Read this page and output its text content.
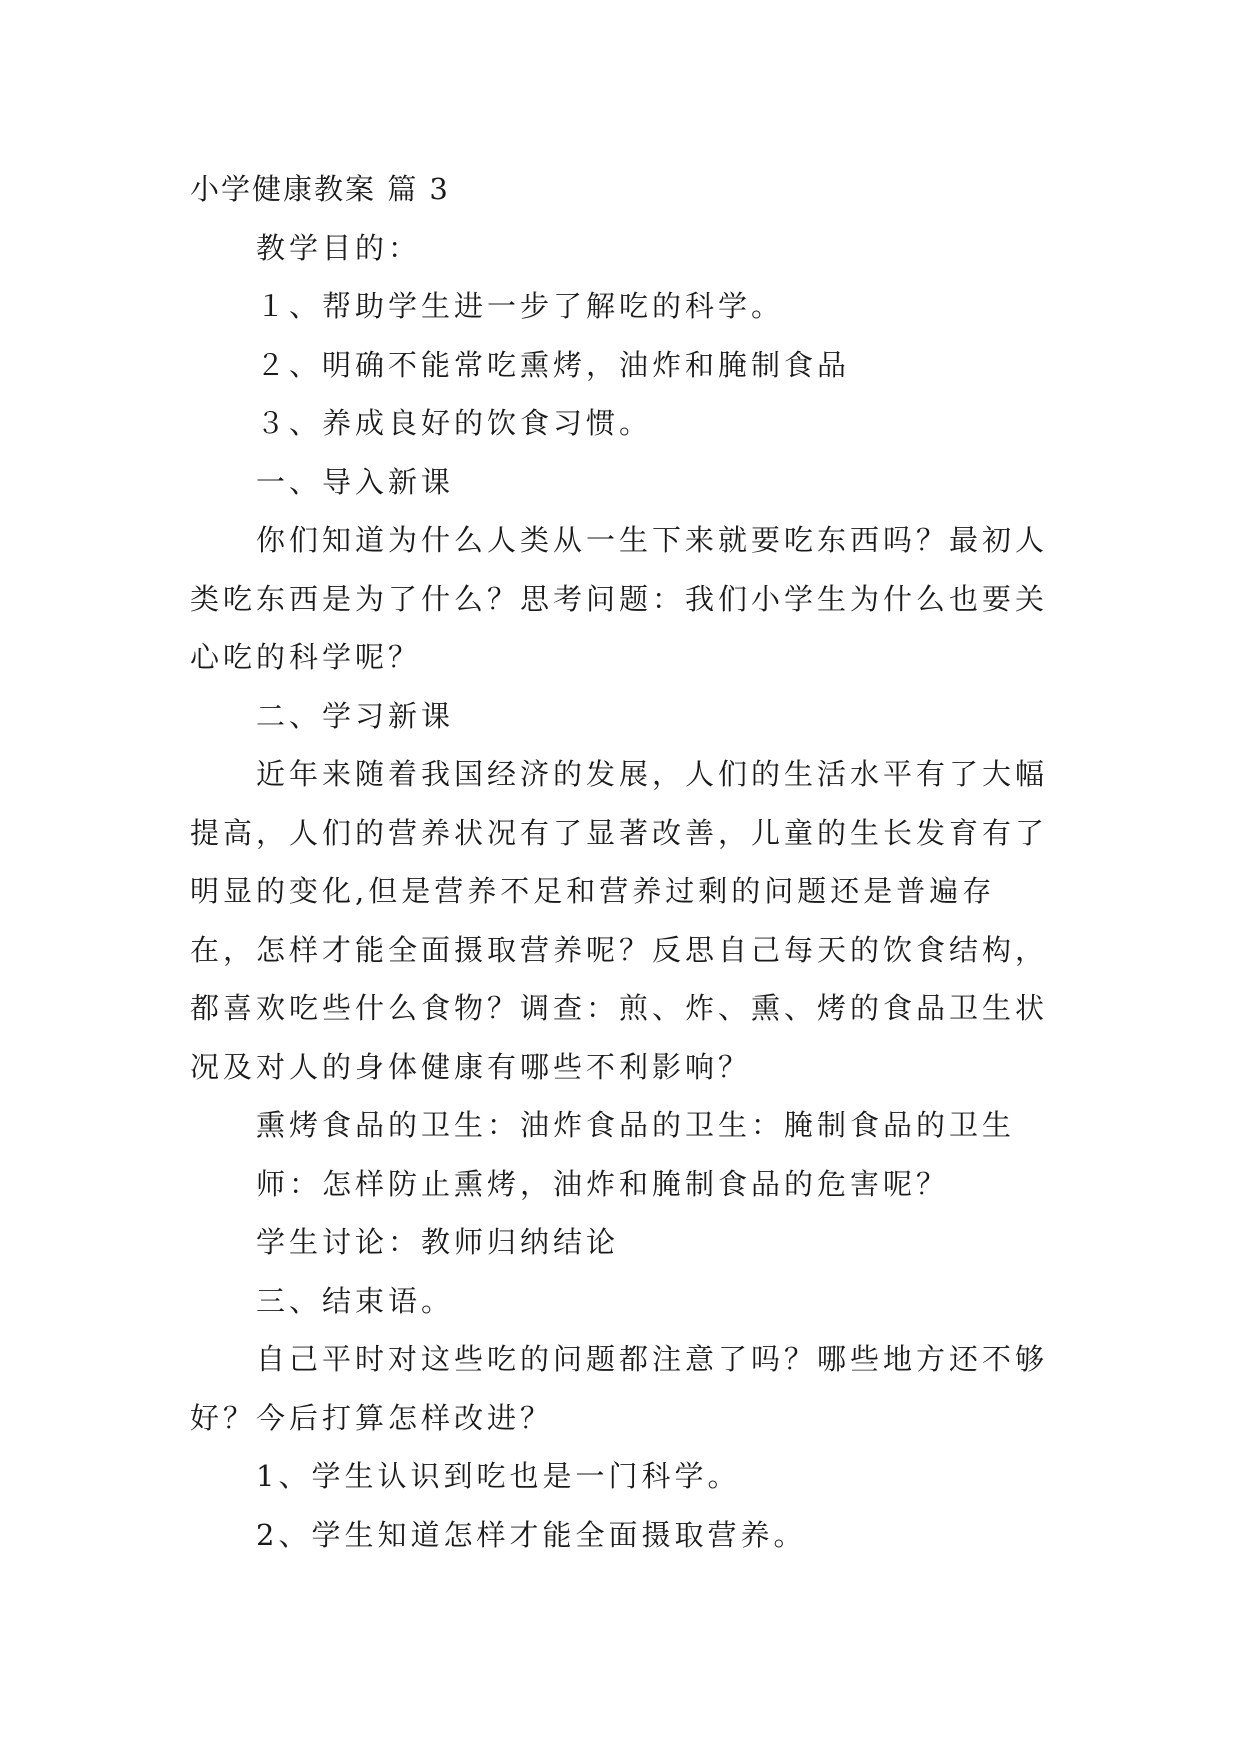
小学健康教案 篇 3

教学目的：

１、帮助学生进一步了解吃的科学。

２、明确不能常吃熏烤，油炸和腌制食品

３、养成良好的饮食习惯。

一、导入新课

你们知道为什么人类从一生下来就要吃东西吗？最初人类吃东西是为了什么？思考问题：我们小学生为什么也要关心吃的科学呢？

二、学习新课

近年来随着我国经济的发展，人们的生活水平有了大幅提高，人们的营养状况有了显著改善，儿童的生长发育有了明显的变化,但是营养不足和营养过剩的问题还是普遍存在，怎样才能全面摄取营养呢？反思自己每天的饮食结构，都喜欢吃些什么食物？调查：煎、炸、熏、烤的食品卫生状况及对人的身体健康有哪些不利影响？

熏烤食品的卫生：油炸食品的卫生：腌制食品的卫生

师：怎样防止熏烤，油炸和腌制食品的危害呢？

学生讨论：教师归纳结论

三、结束语。

自己平时对这些吃的问题都注意了吗？哪些地方还不够好？今后打算怎样改进？

1、学生认识到吃也是一门科学。

2、学生知道怎样才能全面摄取营养。
